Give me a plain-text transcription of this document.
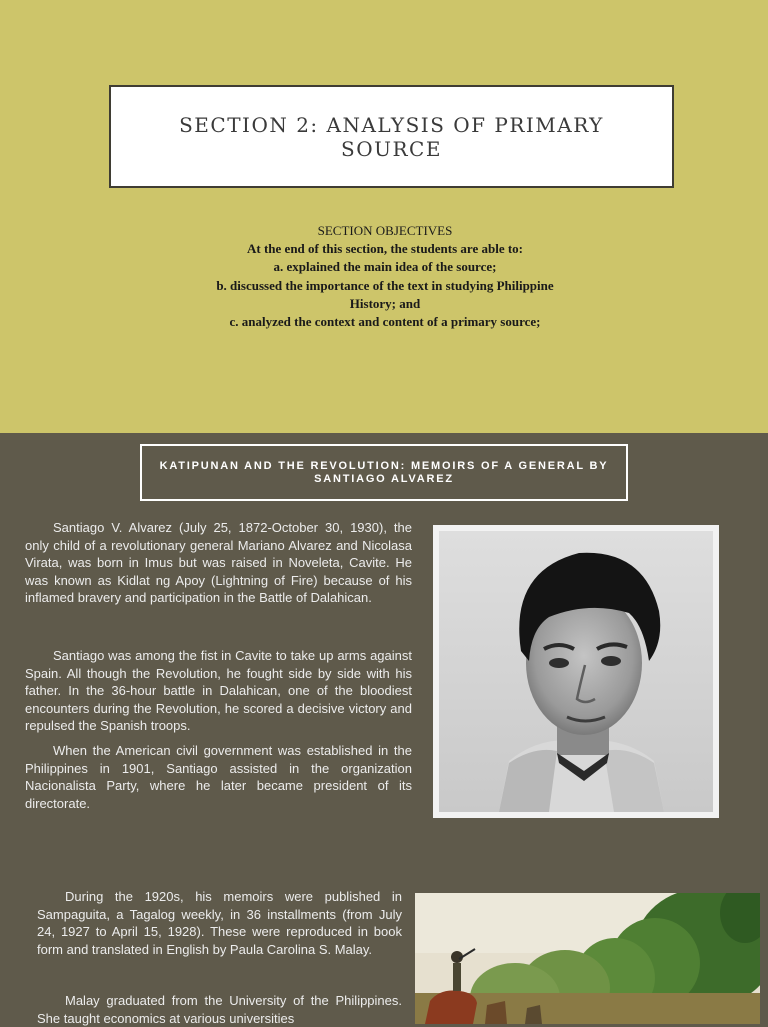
SECTION 2: ANALYSIS OF PRIMARY SOURCE
SECTION OBJECTIVES
At the end of this section, the students are able to:
a. explained the main idea of the source;
b. discussed the importance of the text in studying Philippine History; and
c. analyzed the context and content of a primary source;
KATIPUNAN AND THE REVOLUTION: MEMOIRS OF A GENERAL BY SANTIAGO ALVAREZ

Santiago V. Alvarez (July 25, 1872-October 30, 1930), the only child of a revolutionary general Mariano Alvarez and Nicolasa Virata, was born in Imus but was raised in Noveleta, Cavite. He was known as Kidlat ng Apoy (Lightning of Fire) because of his inflamed bravery and participation in the Battle of Dalahican.

Santiago was among the fist in Cavite to take up arms against Spain. All though the Revolution, he fought side by side with his father. In the 36-hour battle in Dalahican, one of the bloodiest encounters during the Revolution, he scored a decisive victory and repulsed the Spanish troops.

When the American civil government was established in the Philippines in 1901, Santiago assisted in the organization Nacionalista Party, where he later became president of its directorate.

During the 1920s, his memoirs were published in Sampaguita, a Tagalog weekly, in 36 installments (from July 24, 1927 to April 15, 1928). These were reproduced in book form and translated in English by Paula Carolina S. Malay.

Malay graduated from the University of the Philippines. She taught economics at various universities
